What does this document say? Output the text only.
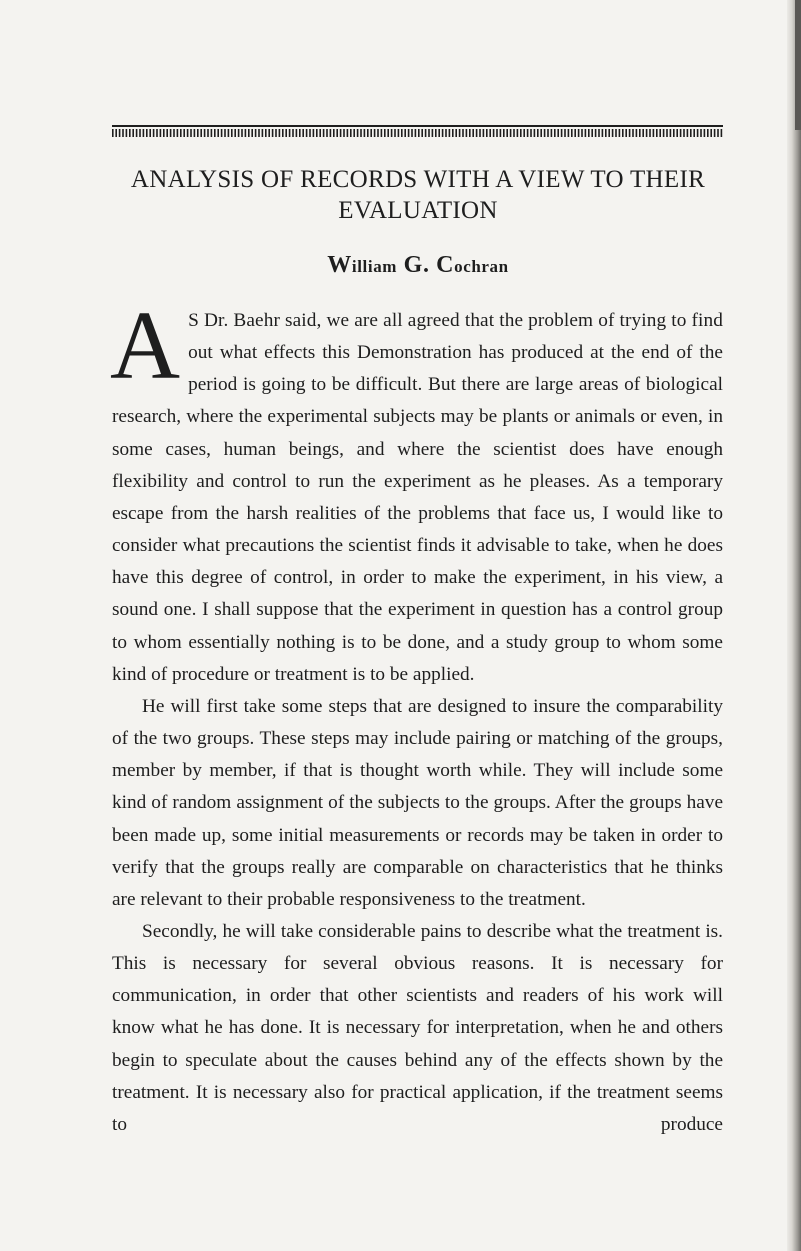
ANALYSIS OF RECORDS WITH A VIEW TO THEIR EVALUATION
William G. Cochran

A S Dr. Baehr said, we are all agreed that the problem of trying to find out what effects this Demonstration has produced at the end of the period is going to be difficult. But there are large areas of biological research, where the experimental subjects may be plants or animals or even, in some cases, human beings, and where the scientist does have enough flexibility and control to run the experiment as he pleases. As a temporary escape from the harsh realities of the problems that face us, I would like to consider what precautions the scientist finds it advisable to take, when he does have this degree of control, in order to make the experiment, in his view, a sound one. I shall suppose that the experiment in question has a control group to whom essentially nothing is to be done, and a study group to whom some kind of procedure or treatment is to be applied.

He will first take some steps that are designed to insure the comparability of the two groups. These steps may include pairing or matching of the groups, member by member, if that is thought worth while. They will include some kind of random assignment of the subjects to the groups. After the groups have been made up, some initial measurements or records may be taken in order to verify that the groups really are comparable on characteristics that he thinks are relevant to their probable responsiveness to the treatment.

Secondly, he will take considerable pains to describe what the treatment is. This is necessary for several obvious reasons. It is necessary for communication, in order that other scientists and readers of his work will know what he has done. It is necessary for interpretation, when he and others begin to speculate about the causes behind any of the effects shown by the treatment. It is necessary also for practical application, if the treatment seems to produce
